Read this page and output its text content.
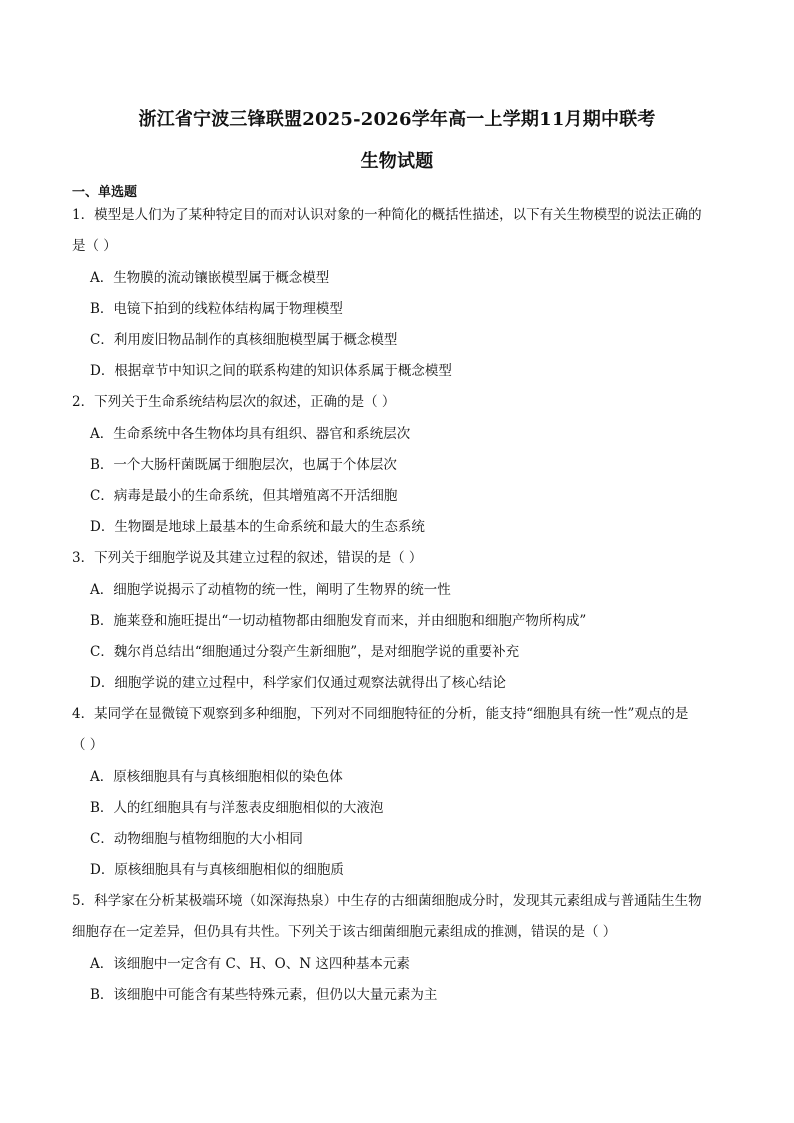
浙江省宁波三锋联盟2025-2026学年高一上学期11月期中联考
生物试题
一、单选题
1．模型是人们为了某种特定目的而对认识对象的一种简化的概括性描述，以下有关生物模型的说法正确的
是（ ）
A．生物膜的流动镶嵌模型属于概念模型
B．电镜下拍到的线粒体结构属于物理模型
C．利用废旧物品制作的真核细胞模型属于概念模型
D．根据章节中知识之间的联系构建的知识体系属于概念模型
2．下列关于生命系统结构层次的叙述，正确的是（ ）
A．生命系统中各生物体均具有组织、器官和系统层次
B．一个大肠杆菌既属于细胞层次，也属于个体层次
C．病毒是最小的生命系统，但其增殖离不开活细胞
D．生物圈是地球上最基本的生命系统和最大的生态系统
3．下列关于细胞学说及其建立过程的叙述，错误的是（ ）
A．细胞学说揭示了动植物的统一性，阐明了生物界的统一性
B．施莱登和施旺提出“一切动植物都由细胞发育而来，并由细胞和细胞产物所构成”
C．魏尔肖总结出“细胞通过分裂产生新细胞”，是对细胞学说的重要补充
D．细胞学说的建立过程中，科学家们仅通过观察法就得出了核心结论
4．某同学在显微镜下观察到多种细胞，下列对不同细胞特征的分析，能支持“细胞具有统一性”观点的是
（ ）
A．原核细胞具有与真核细胞相似的染色体
B．人的红细胞具有与洋葱表皮细胞相似的大液泡
C．动物细胞与植物细胞的大小相同
D．原核细胞具有与真核细胞相似的细胞质
5．科学家在分析某极端环境（如深海热泉）中生存的古细菌细胞成分时，发现其元素组成与普通陆生生物
细胞存在一定差异，但仍具有共性。下列关于该古细菌细胞元素组成的推测，错误的是（ ）
A．该细胞中一定含有 C、H、O、N 这四种基本元素
B．该细胞中可能含有某些特殊元素，但仍以大量元素为主
